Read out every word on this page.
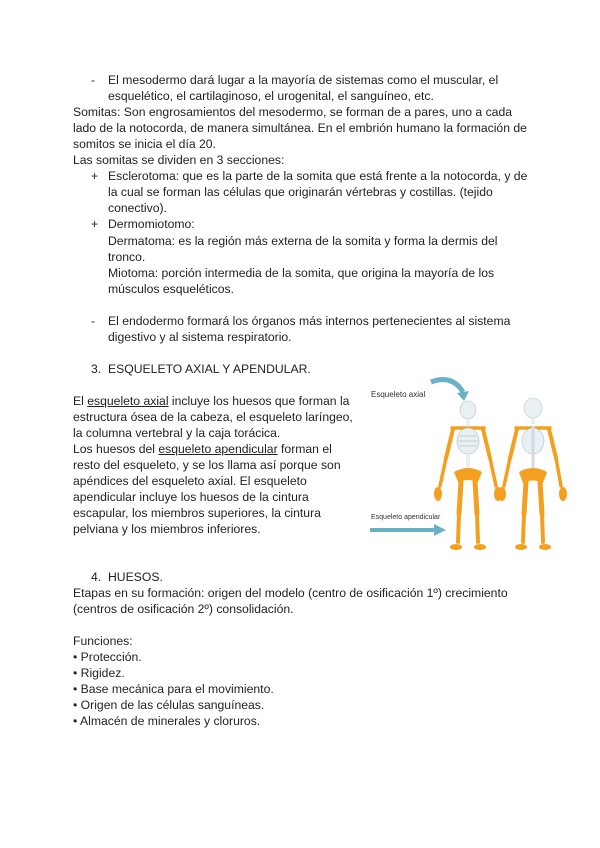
- El mesodermo dará lugar a la mayoría de sistemas como el muscular, el
esquelético, el cartilaginoso, el urogenital, el sanguíneo, etc.
Somitas: Son engrosamientos del mesodermo, se forman de a pares, uno a cada
lado de la notocorda, de manera simultánea. En el embrión humano la formación de
somitos se inicia el día 20.
Las somitas se dividen en 3 secciones:
+ Esclerotoma: que es la parte de la somita que está frente a la notocorda, y de
la cual se forman las células que originarán vértebras y costillas. (tejido
conectivo).
+ Dermomiotomo:
Dermatoma: es la región más externa de la somita y forma la dermis del
tronco.
Miotoma: porción intermedia de la somita, que origina la mayoría de los
músculos esqueléticos.
- El endodermo formará los órganos más internos pertenecientes al sistema
digestivo y al sistema respiratorio.
3. ESQUELETO AXIAL Y APENDULAR.
El esqueleto axial incluye los huesos que forman la
estructura ósea de la cabeza, el esqueleto laríngeo,
la columna vertebral y la caja torácica.
Los huesos del esqueleto apendicular forman el
resto del esqueleto, y se los llama así porque son
apéndices del esqueleto axial. El esqueleto
apendicular incluye los huesos de la cintura
escapular, los miembros superiores, la cintura
pelviana y los miembros inferiores.
Esqueleto axial
Esqueleto apendicular
4. HUESOS.
Etapas en su formación: origen del modelo (centro de osificación 1º) crecimiento
(centros de osificación 2º) consolidación.
Funciones:
• Protección.
• Rigidez.
• Base mecánica para el movimiento.
• Origen de las células sanguíneas.
• Almacén de minerales y cloruros.
